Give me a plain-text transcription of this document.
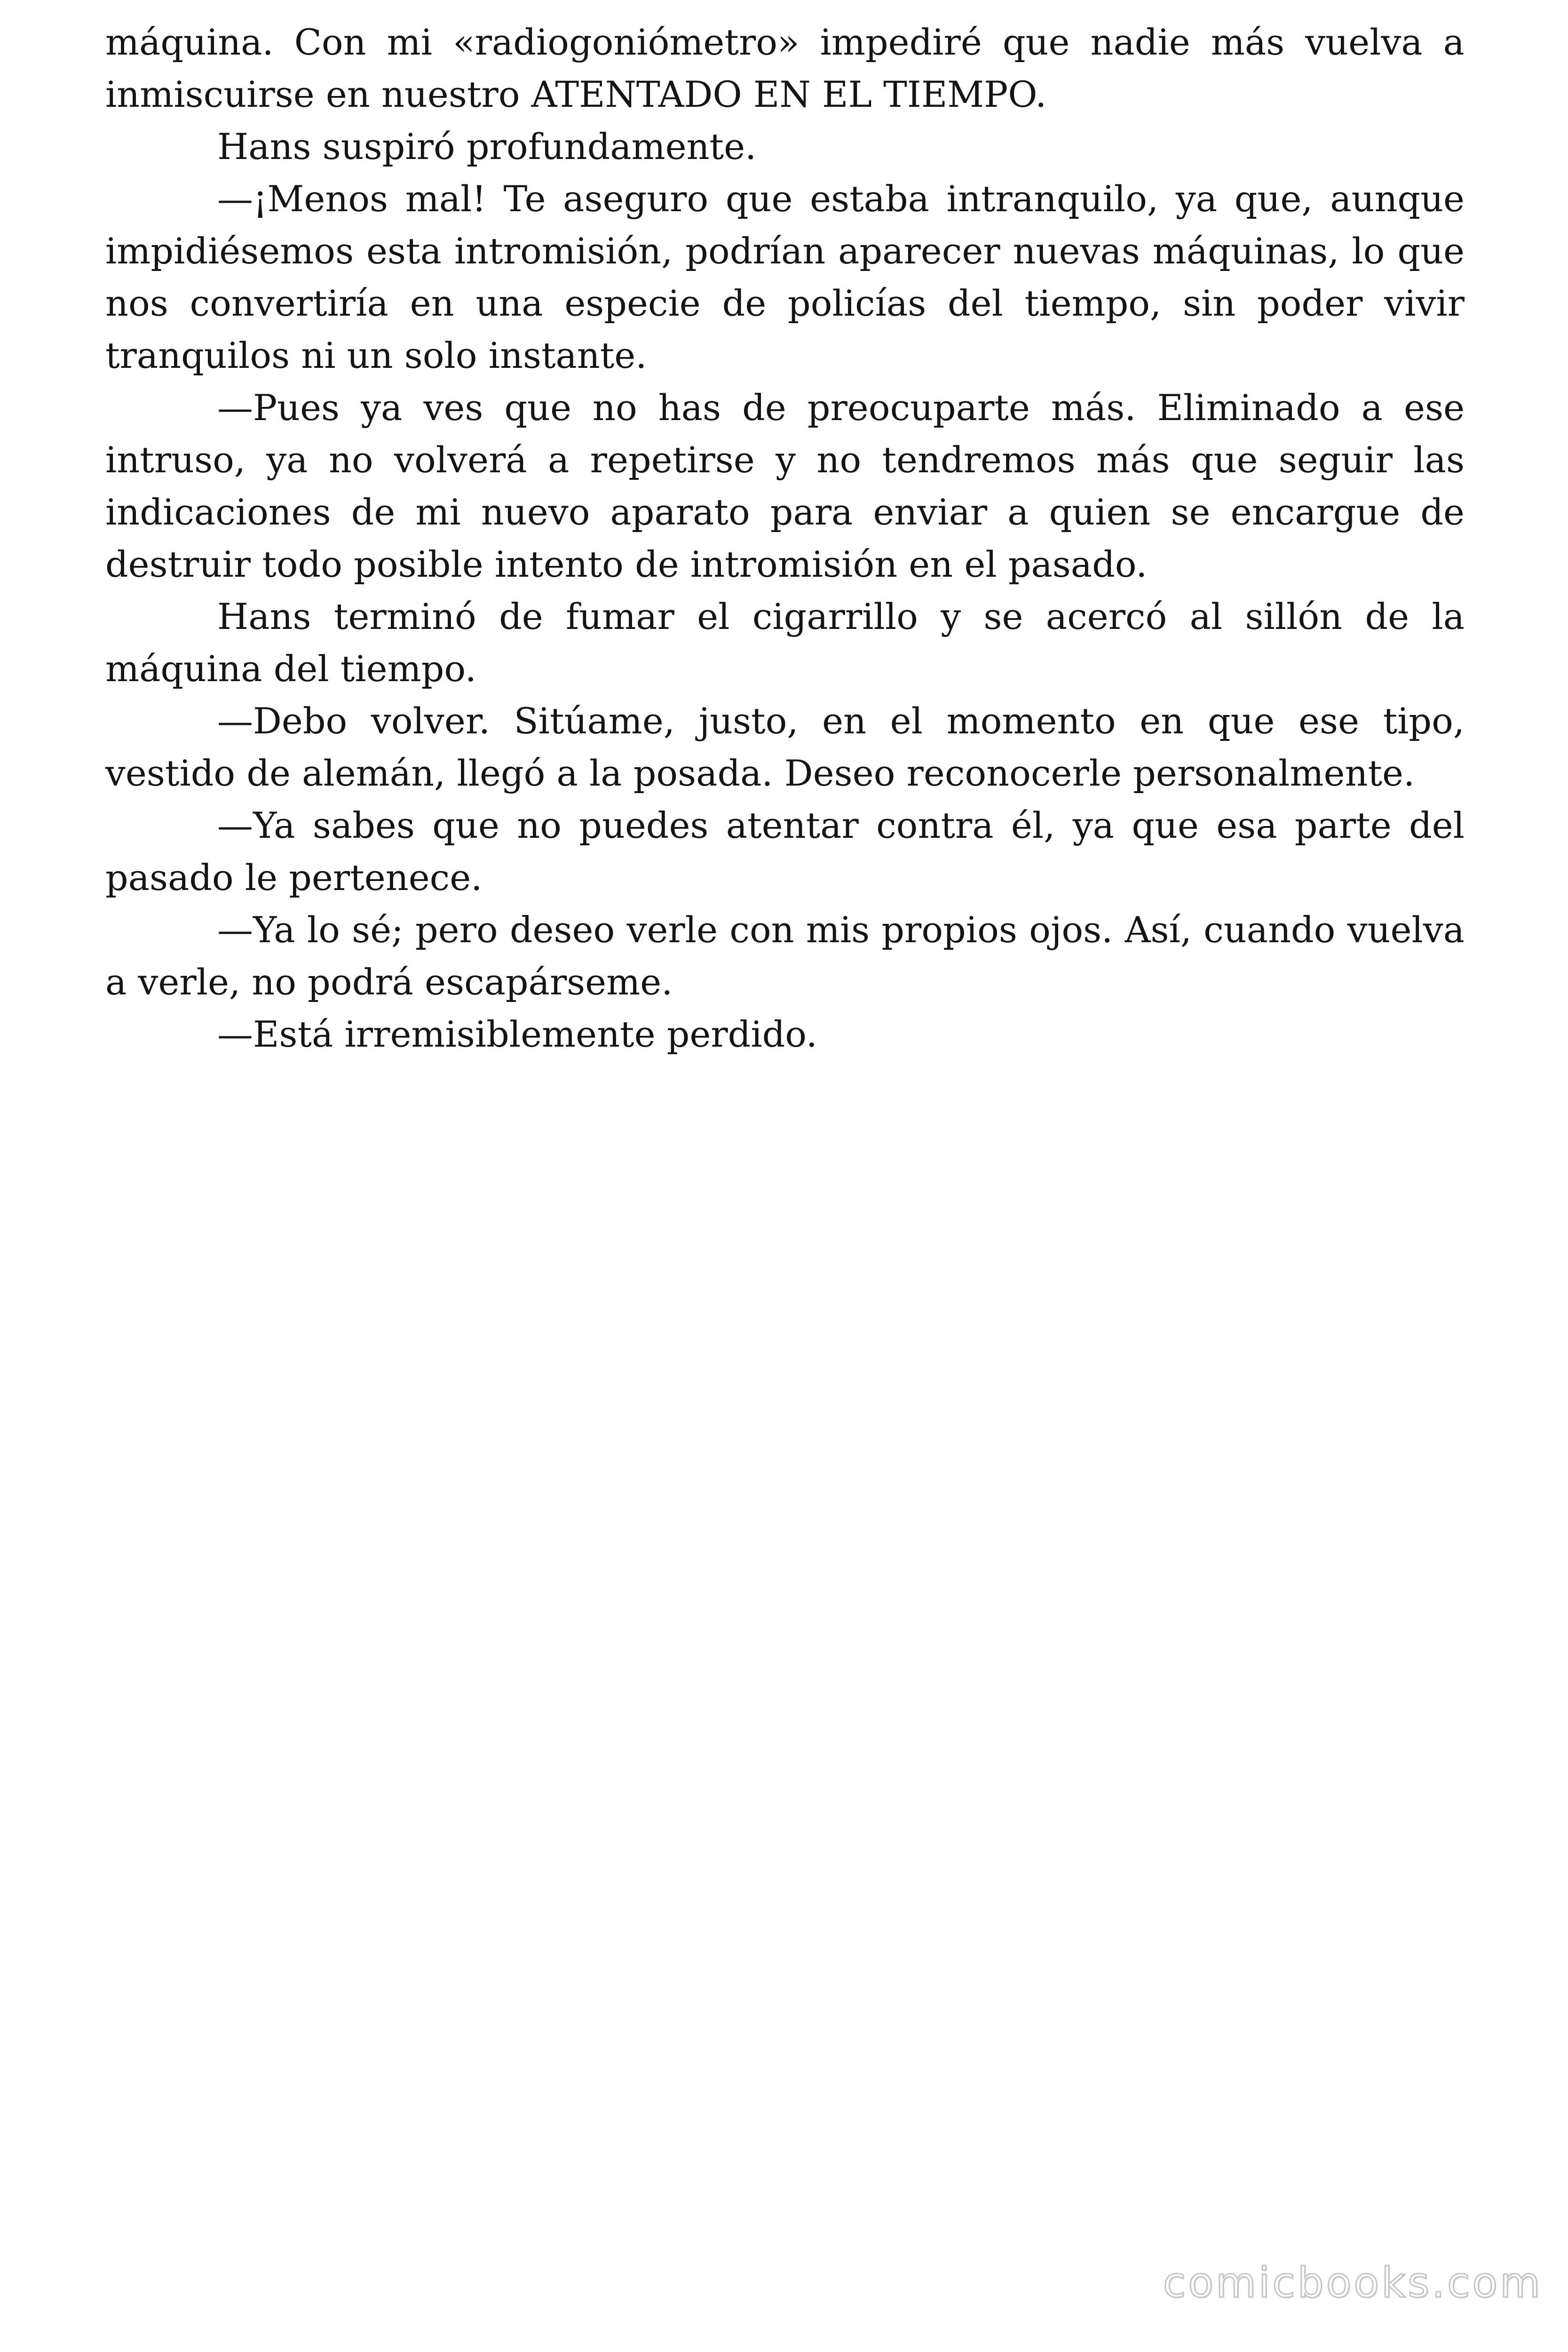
máquina. Con mi «radiogoniómetro» impediré que nadie más vuelva a inmiscuirse en nuestro ATENTADO EN EL TIEMPO.

Hans suspiró profundamente.

—¡Menos mal! Te aseguro que estaba intranquilo, ya que, aunque impidiésemos esta intromisión, podrían aparecer nuevas máquinas, lo que nos convertiría en una especie de policías del tiempo, sin poder vivir tranquilos ni un solo instante.

—Pues ya ves que no has de preocuparte más. Eliminado a ese intruso, ya no volverá a repetirse y no tendremos más que seguir las indicaciones de mi nuevo aparato para enviar a quien se encargue de destruir todo posible intento de intromisión en el pasado.

Hans terminó de fumar el cigarrillo y se acercó al sillón de la máquina del tiempo.

—Debo volver. Sitúame, justo, en el momento en que ese tipo, vestido de alemán, llegó a la posada. Deseo reconocerle personalmente.

—Ya sabes que no puedes atentar contra él, ya que esa parte del pasado le pertenece.

—Ya lo sé; pero deseo verle con mis propios ojos. Así, cuando vuelva a verle, no podrá escapárseme.

—Está irremisiblemente perdido.

comicbooks.com
